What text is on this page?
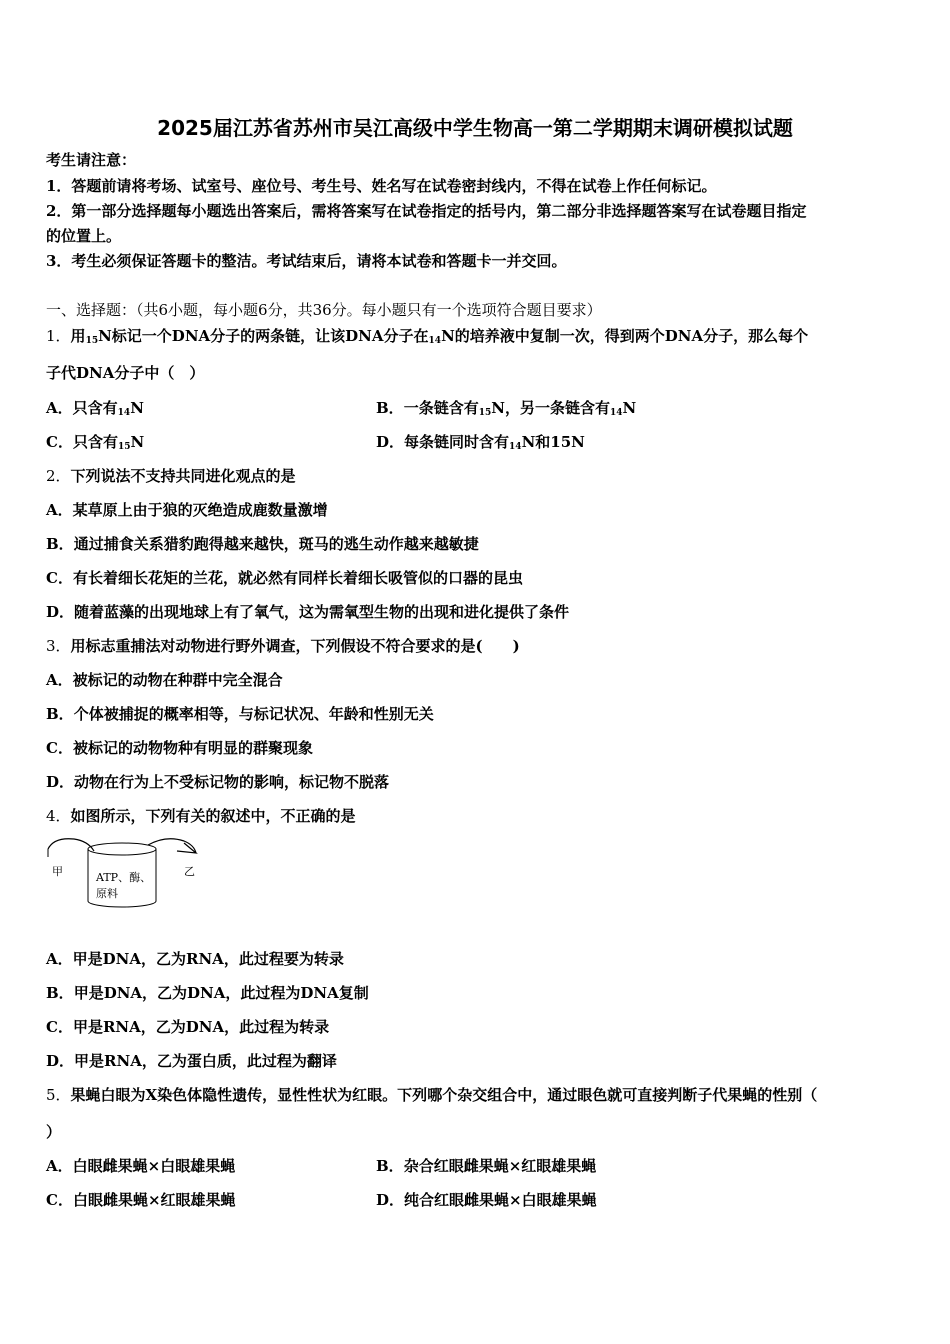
2025届江苏省苏州市吴江高级中学生物高一第二学期期末调研模拟试题
考生请注意：
1．答题前请将考场、试室号、座位号、考生号、姓名写在试卷密封线内，不得在试卷上作任何标记。
2．第一部分选择题每小题选出答案后，需将答案写在试卷指定的括号内，第二部分非选择题答案写在试卷题目指定
的位置上。
3．考生必须保证答题卡的整洁。考试结束后，请将本试卷和答题卡一并交回。
一、选择题：（共6小题，每小题6分，共36分。每小题只有一个选项符合题目要求）
1．用$_{15}$N标记一个DNA分子的两条链，让该DNA分子在$_{14}$N的培养液中复制一次，得到两个DNA分子，那么每个
子代DNA分子中（　）
A．只含有$_{14}$N	B．一条链含有$_{15}$N，另一条链含有$_{14}$N
C．只含有$_{15}$N	D．每条链同时含有$_{14}$N和15N
2．下列说法不支持共同进化观点的是
A．某草原上由于狼的灭绝造成鹿数量激增
B．通过捕食关系猎豹跑得越来越快，斑马的逃生动作越来越敏捷
C．有长着细长花矩的兰花，就必然有同样长着细长吸管似的口器的昆虫
D．随着蓝藻的出现地球上有了氧气，这为需氧型生物的出现和进化提供了条件
3．用标志重捕法对动物进行野外调查，下列假设不符合要求的是(　　)
A．被标记的动物在种群中完全混合
B．个体被捕捉的概率相等，与标记状况、年龄和性别无关
C．被标记的动物物种有明显的群聚现象
D．动物在行为上不受标记物的影响，标记物不脱落
4．如图所示，下列有关的叙述中，不正确的是
甲	乙
ATP、酶、
原料
A．甲是DNA，乙为RNA，此过程要为转录
B．甲是DNA，乙为DNA，此过程为DNA复制
C．甲是RNA，乙为DNA，此过程为转录
D．甲是RNA，乙为蛋白质，此过程为翻译
5．果蝇白眼为X染色体隐性遗传，显性性状为红眼。下列哪个杂交组合中，通过眼色就可直接判断子代果蝇的性别（
）
A．白眼雌果蝇×白眼雄果蝇	B．杂合红眼雌果蝇×红眼雄果蝇
C．白眼雌果蝇×红眼雄果蝇	D．纯合红眼雌果蝇×白眼雄果蝇
